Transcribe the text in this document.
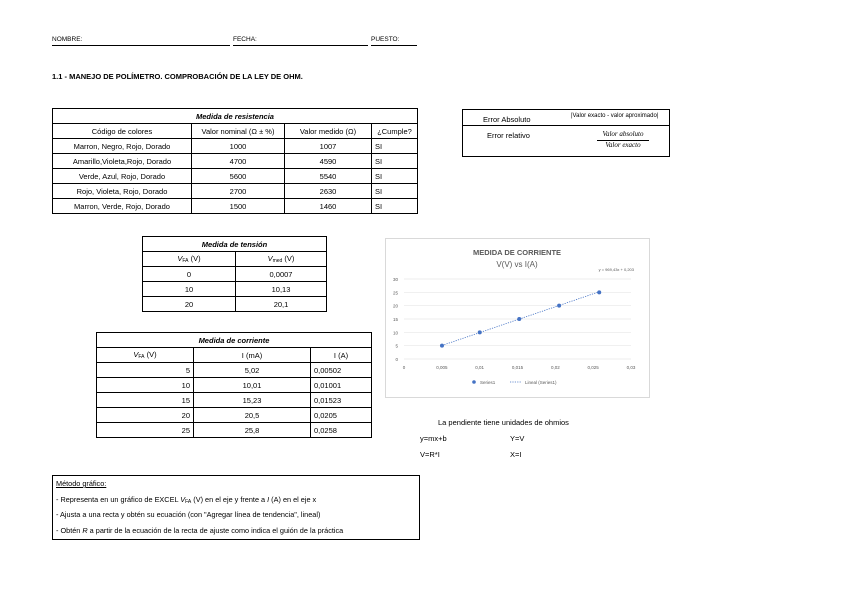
NOMBRE:	FECHA:	PUESTO:
1.1 - MANEJO DE POLÍMETRO. COMPROBACIÓN DE LA LEY DE OHM.
Medida de resistencia			
Código de colores	Valor nominal (Ω ± %)	Valor medido (Ω)	¿Cumple?
Marron, Negro, Rojo, Dorado	1000	1007	SI
Amarillo,Violeta,Rojo, Dorado	4700	4590	SI
Verde, Azul, Rojo, Dorado	5600	5540	SI
Rojo, Violeta, Rojo, Dorado	2700	2630	SI
Marron, Verde, Rojo, Dorado	1500	1460	SI
Error Absoluto	|Valor exacto - valor aproximado|
Error relativo	Valor absoluto
Valor exacto
Medida de tensión	
$V_{FA}$ (V)	$V_{med}$ (V)
0	0,0007
10	10,13
20	20,1
Medida de corriente		
$V_{FA}$ (V)	I (mA)	I (A)
5	5,02	0,00502
10	10,01	0,01001
15	15,23	0,01523
20	20,5	0,0205
25	25,8	0,0258
MEDIDA DE CORRIENTE
V(V) vs I(A)
0
5
10
15
20
25
30
0	0,005	0,01	0,015	0,02	0,025	0,03
y = 969,43x + 0,203
Series1	Lineal (Series1)
La pendiente tiene unidades de ohmios
y=mx+b	Y=V
V=R*I	X=I
Método gráfico:
- Representa en un gráfico de EXCEL $V_{FA}$ (V) en el eje y frente a I (A) en el eje x
- Ajusta a una recta y obtén su ecuación (con "Agregar línea de tendencia", lineal)
- Obtén R a partir de la ecuación de la recta de ajuste como indica el guión de la práctica
